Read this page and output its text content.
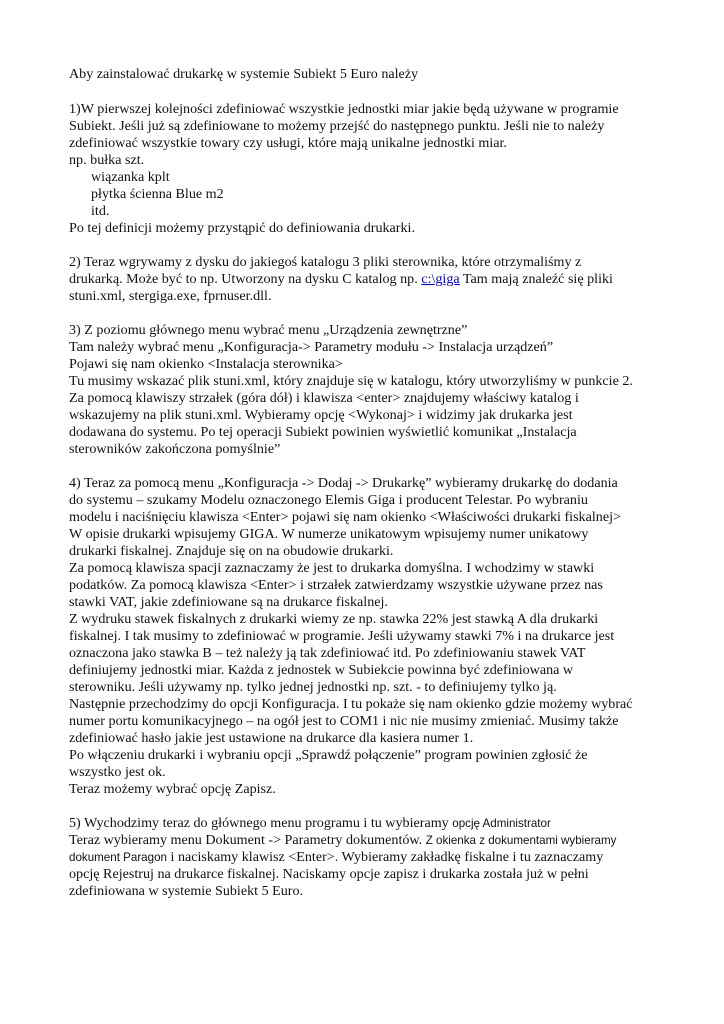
Aby zainstalować drukarkę w systemie Subiekt 5 Euro należy
1)W pierwszej kolejności zdefiniować wszystkie jednostki miar jakie będą używane w programie
Subiekt. Jeśli już są zdefiniowane to możemy przejść do następnego punktu. Jeśli nie to należy
zdefiniować wszystkie towary czy usługi, które mają unikalne jednostki miar.
np. bułka szt.
wiązanka kplt
płytka ścienna Blue m2
itd.
Po tej definicji możemy przystąpić do definiowania drukarki.
2) Teraz wgrywamy z dysku do jakiegoś katalogu 3 pliki sterownika, które otrzymaliśmy z
drukarką. Może być to np. Utworzony na dysku C katalog np. c:\giga Tam mają znaleźć się pliki
stuni.xml, stergiga.exe, fprnuser.dll.
3) Z poziomu głównego menu wybrać menu „Urządzenia zewnętrzne”
Tam należy wybrać menu „Konfiguracja-> Parametry modułu -> Instalacja urządzeń”
Pojawi się nam okienko <Instalacja sterownika>
Tu musimy wskazać plik stuni.xml, który znajduje się w katalogu, który utworzyliśmy w punkcie 2.
Za pomocą klawiszy strzałek (góra dół) i klawisza <enter> znajdujemy właściwy katalog i
wskazujemy na plik stuni.xml. Wybieramy opcję <Wykonaj> i widzimy jak drukarka jest
dodawana do systemu. Po tej operacji Subiekt powinien wyświetlić komunikat „Instalacja
sterowników zakończona pomyślnie”
4) Teraz za pomocą menu „Konfiguracja -> Dodaj -> Drukarkę” wybieramy drukarkę do dodania
do systemu – szukamy Modelu oznaczonego Elemis Giga i producent Telestar. Po wybraniu
modelu i naciśnięciu klawisza <Enter> pojawi się nam okienko <Właściwości drukarki fiskalnej>
W opisie drukarki wpisujemy GIGA. W numerze unikatowym wpisujemy numer unikatowy
drukarki fiskalnej. Znajduje się on na obudowie drukarki.
Za pomocą klawisza spacji zaznaczamy że jest to drukarka domyślna. I wchodzimy w stawki
podatków. Za pomocą klawisza <Enter> i strzałek zatwierdzamy wszystkie używane przez nas
stawki VAT, jakie zdefiniowane są na drukarce fiskalnej.
Z wydruku stawek fiskalnych z drukarki wiemy ze np. stawka 22% jest stawką A dla drukarki
fiskalnej. I tak musimy to zdefiniować w programie. Jeśli używamy stawki 7% i na drukarce jest
oznaczona jako stawka B – też należy ją tak zdefiniować itd. Po zdefiniowaniu stawek VAT
definiujemy jednostki miar. Każda z jednostek w Subiekcie powinna być zdefiniowana w
sterowniku. Jeśli używamy np. tylko jednej jednostki np. szt. - to definiujemy tylko ją.
Następnie przechodzimy do opcji Konfiguracja. I tu pokaże się nam okienko gdzie możemy wybrać
numer portu komunikacyjnego – na ogół jest to COM1 i nic nie musimy zmieniać. Musimy także
zdefiniować hasło jakie jest ustawione na drukarce dla kasiera numer 1.
Po włączeniu drukarki i wybraniu opcji „Sprawdź połączenie” program powinien zgłosić że
wszystko jest ok.
Teraz możemy wybrać opcję Zapisz.
5) Wychodzimy teraz do głównego menu programu i tu wybieramy opcję Administrator
Teraz wybieramy menu Dokument -> Parametry dokumentów. Z okienka z dokumentami wybieramy
dokument Paragon i naciskamy klawisz <Enter>. Wybieramy zakładkę fiskalne i tu zaznaczamy
opcję Rejestruj na drukarce fiskalnej. Naciskamy opcje zapisz i drukarka została już w pełni
zdefiniowana w systemie Subiekt 5 Euro.
